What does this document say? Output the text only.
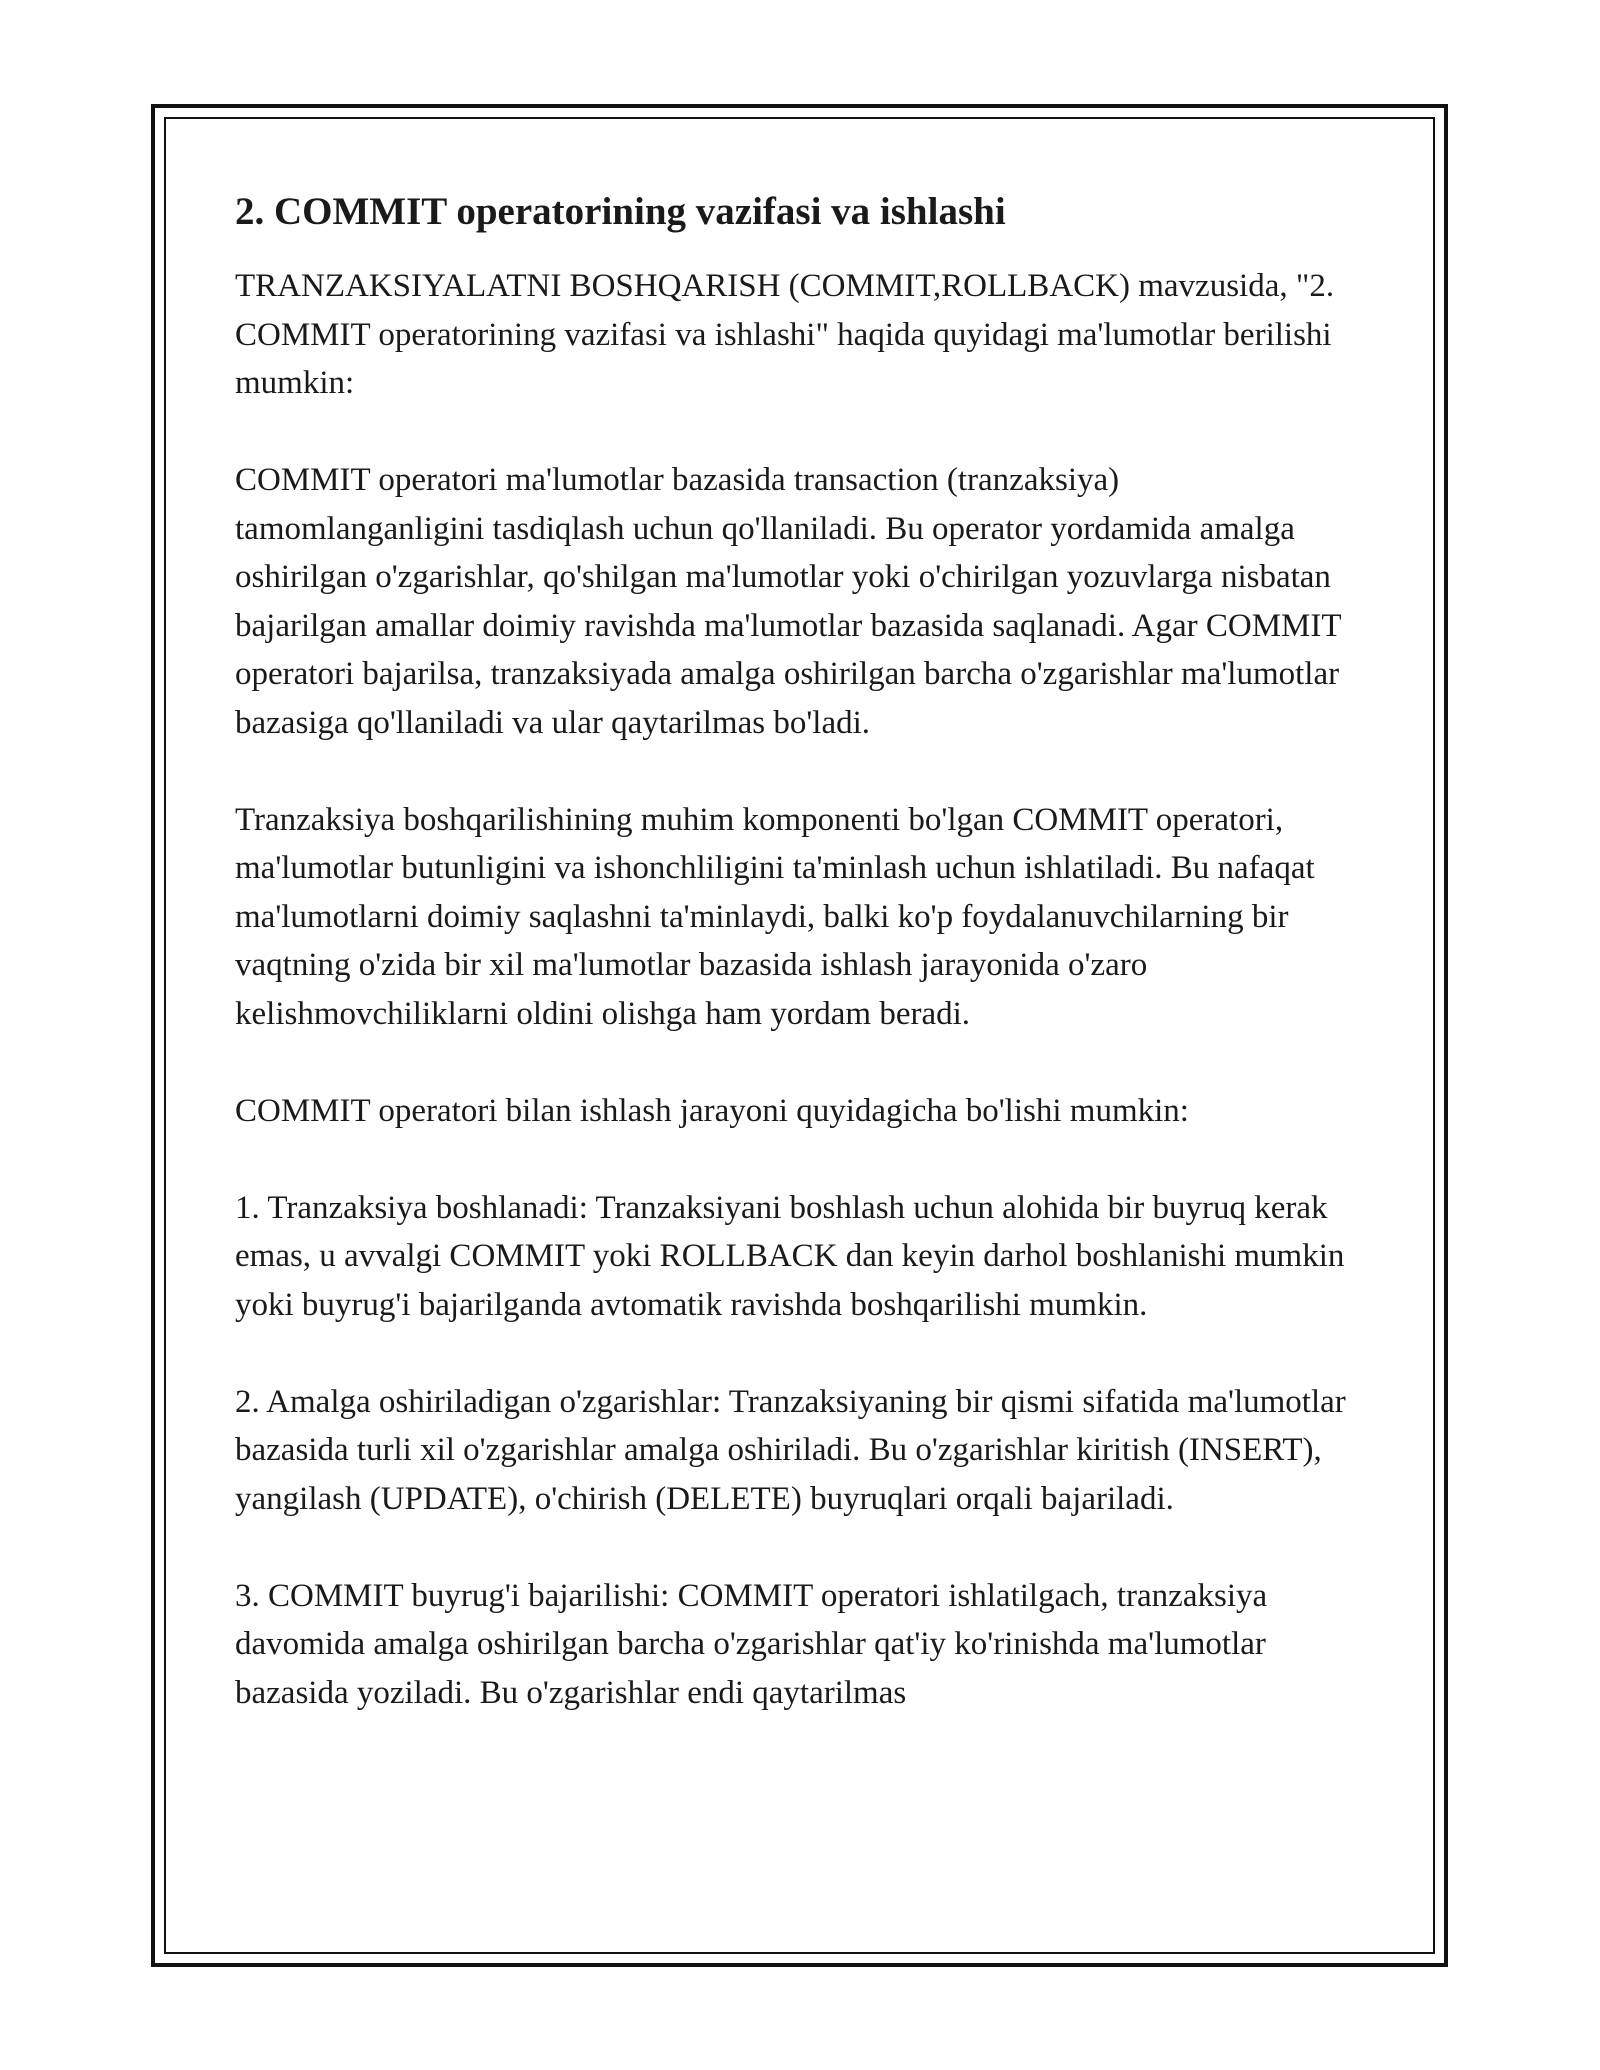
2. COMMIT operatorining vazifasi va ishlashi

TRANZAKSIYALATNI BOSHQARISH (COMMIT,ROLLBACK) mavzusida, "2. COMMIT operatorining vazifasi va ishlashi" haqida quyidagi ma'lumotlar berilishi mumkin:

COMMIT operatori ma'lumotlar bazasida transaction (tranzaksiya) tamomlanganligini tasdiqlash uchun qo'llaniladi. Bu operator yordamida amalga oshirilgan o'zgarishlar, qo'shilgan ma'lumotlar yoki o'chirilgan yozuvlarga nisbatan bajarilgan amallar doimiy ravishda ma'lumotlar bazasida saqlanadi. Agar COMMIT operatori bajarilsa, tranzaksiyada amalga oshirilgan barcha o'zgarishlar ma'lumotlar bazasiga qo'llaniladi va ular qaytarilmas bo'ladi.

Tranzaksiya boshqarilishining muhim komponenti bo'lgan COMMIT operatori, ma'lumotlar butunligini va ishonchliligini ta'minlash uchun ishlatiladi. Bu nafaqat ma'lumotlarni doimiy saqlashni ta'minlaydi, balki ko'p foydalanuvchilarning bir vaqtning o'zida bir xil ma'lumotlar bazasida ishlash jarayonida o'zaro kelishmovchiliklarni oldini olishga ham yordam beradi.

COMMIT operatori bilan ishlash jarayoni quyidagicha bo'lishi mumkin:

1. Tranzaksiya boshlanadi: Tranzaksiyani boshlash uchun alohida bir buyruq kerak emas, u avvalgi COMMIT yoki ROLLBACK dan keyin darhol boshlanishi mumkin yoki buyrug'i bajarilganda avtomatik ravishda boshqarilishi mumkin.

2. Amalga oshiriladigan o'zgarishlar: Tranzaksiyaning bir qismi sifatida ma'lumotlar bazasida turli xil o'zgarishlar amalga oshiriladi. Bu o'zgarishlar kiritish (INSERT), yangilash (UPDATE), o'chirish (DELETE) buyruqlari orqali bajariladi.

3. COMMIT buyrug'i bajarilishi: COMMIT operatori ishlatilgach, tranzaksiya davomida amalga oshirilgan barcha o'zgarishlar qat'iy ko'rinishda ma'lumotlar bazasida yoziladi. Bu o'zgarishlar endi qaytarilmas
